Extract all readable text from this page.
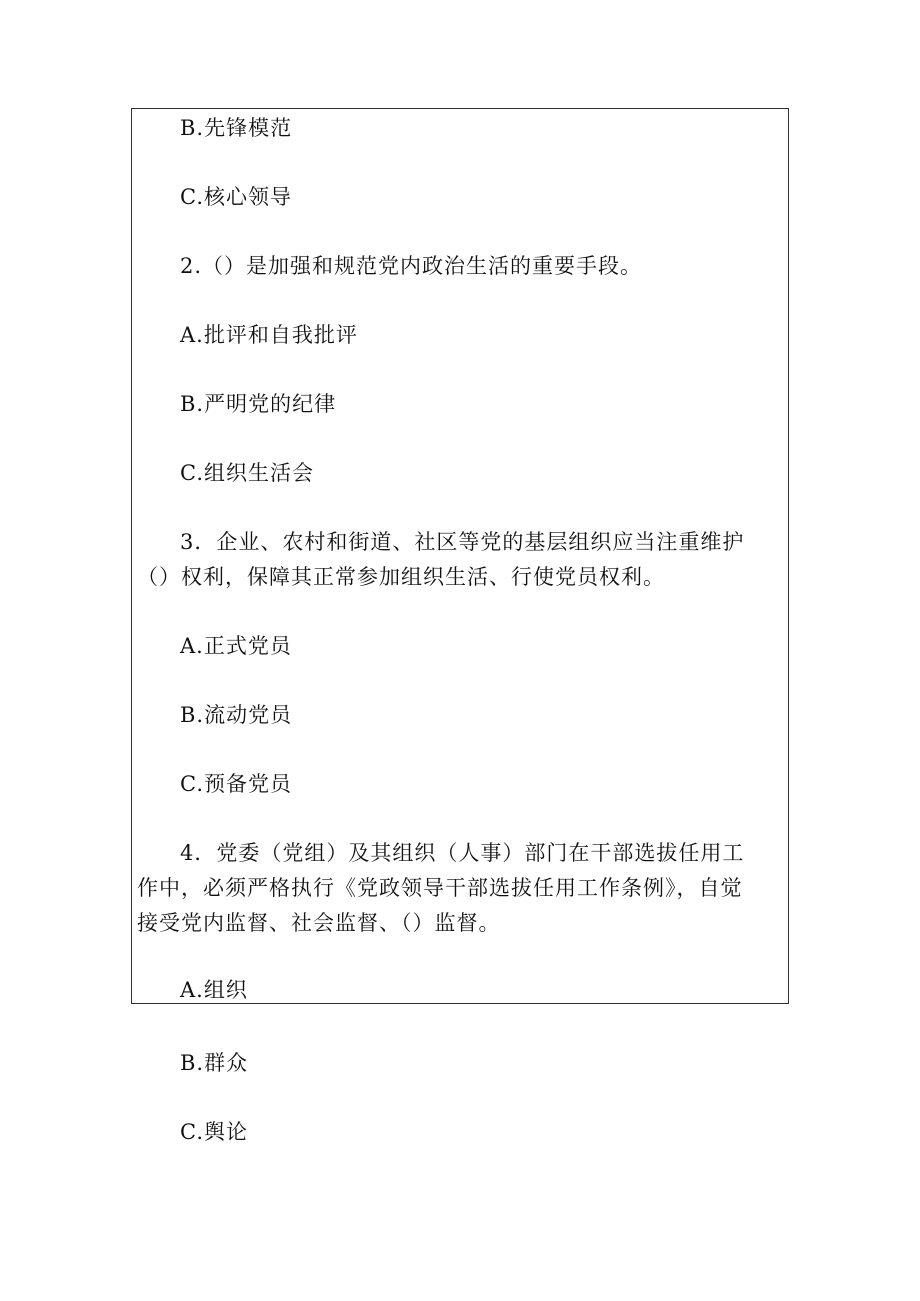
B.先锋模范
C.核心领导
2.（）是加强和规范党内政治生活的重要手段。
A.批评和自我批评
B.严明党的纪律
C.组织生活会
3．企业、农村和街道、社区等党的基层组织应当注重维护
（）权利，保障其正常参加组织生活、行使党员权利。
A.正式党员
B.流动党员
C.预备党员
4．党委（党组）及其组织（人事）部门在干部选拔任用工
作中，必须严格执行《党政领导干部选拔任用工作条例》，自觉
接受党内监督、社会监督、（）监督。
A.组织
B.群众
C.舆论
